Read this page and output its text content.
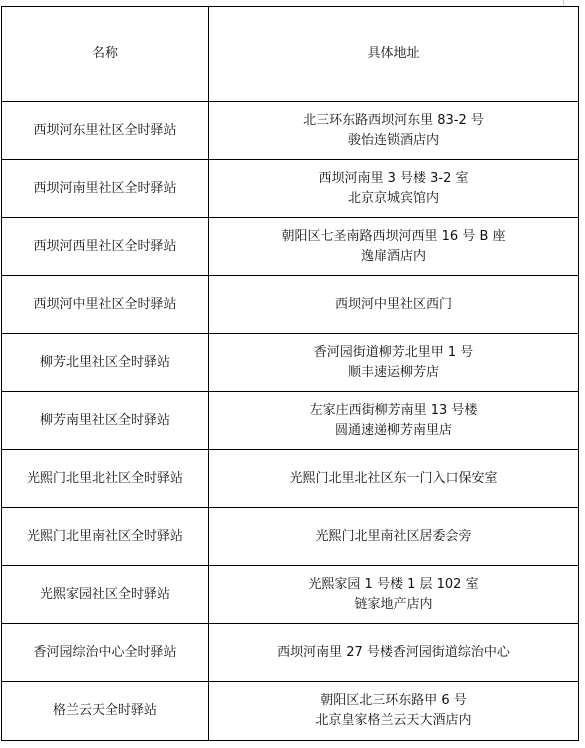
名称	具体地址
西坝河东里社区全时驿站	北三环东路西坝河东里 83-2 号
骏怡连锁酒店内

西坝河南里社区全时驿站	西坝河南里 3 号楼 3-2 室
北京京城宾馆内

西坝河西里社区全时驿站	朝阳区七圣南路西坝河西里 16 号 B 座
逸扉酒店内

西坝河中里社区全时驿站	西坝河中里社区西门

柳芳北里社区全时驿站	香河园街道柳芳北里甲 1 号
顺丰速运柳芳店

柳芳南里社区全时驿站	左家庄西街柳芳南里 13 号楼
圆通速递柳芳南里店

光熙门北里北社区全时驿站	光熙门北里北社区东一门入口保安室

光熙门北里南社区全时驿站	光熙门北里南社区居委会旁

光熙家园社区全时驿站	光熙家园 1 号楼 1 层 102 室
链家地产店内

香河园综治中心全时驿站	西坝河南里 27 号楼香河园街道综治中心

格兰云天全时驿站	朝阳区北三环东路甲 6 号
北京皇家格兰云天大酒店内
